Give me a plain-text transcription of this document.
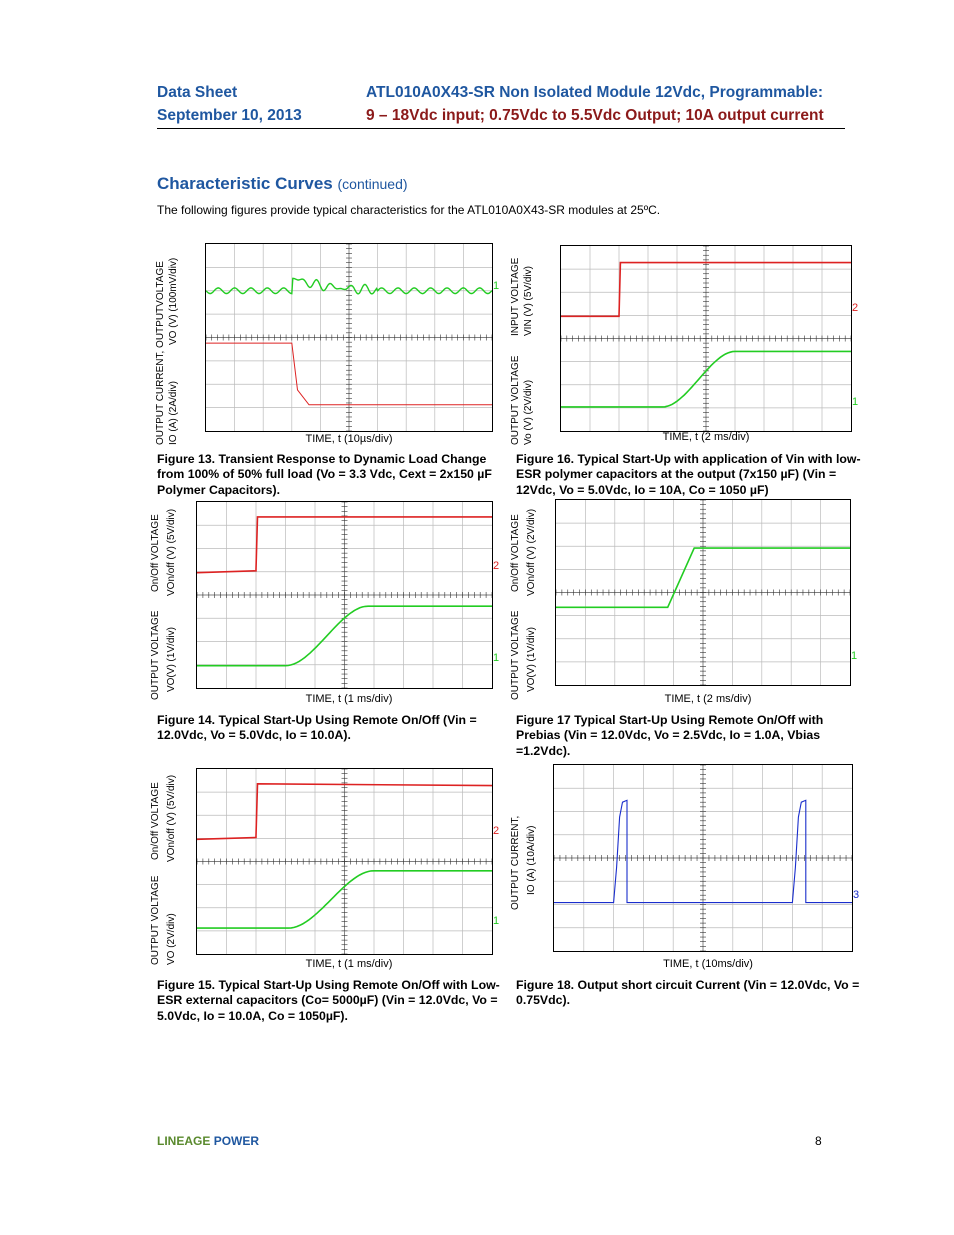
Data Sheet
September 10, 2013
ATL010A0X43-SR Non Isolated Module 12Vdc, Programmable:
9 – 18Vdc input; 0.75Vdc to 5.5Vdc Output; 10A output current
Characteristic Curves (continued)
The following figures provide typical characteristics for the ATL010A0X43-SR modules at 25ºC.
OUTPUT CURRENT, OUTPUTVOLTAGE VO (V) (100mV/div)
IO (A) (2A/div)	TIME, t (10µs/div)
Figure 13. Transient Response to Dynamic Load Change from 100% of 50% full load (Vo = 3.3 Vdc, Cext = 2x150 µF Polymer Capacitors).
INPUT VOLTAGE VIN (V) (5V/div)
OUTPUT VOLTAGE Vo (V) (2V/div)	TIME, t (2 ms/div)
Figure 16. Typical Start-Up with application of Vin with low-ESR polymer capacitors at the output (7x150 µF) (Vin = 12Vdc, Vo = 5.0Vdc, Io = 10A, Co = 1050 µF)
On/Off VOLTAGE VOn/off (V) (5V/div)
OUTPUT VOLTAGE VO(V) (1V/div)
TIME, t (1 ms/div)
Figure 14. Typical Start-Up Using Remote On/Off (Vin = 12.0Vdc, Vo = 5.0Vdc, Io = 10.0A).
On/Off VOLTAGE VOn/off (V) (2V/div)
OUTPUT VOLTAGE VO(V) (1V/div)
TIME, t (2 ms/div)
Figure 17 Typical Start-Up Using Remote On/Off with Prebias (Vin = 12.0Vdc, Vo = 2.5Vdc, Io = 1.0A, Vbias =1.2Vdc).
On/Off VOLTAGE VOn/off (V) (5V/div)
OUTPUT VOLTAGE VO (2V/div)	TIME, t (1 ms/div)
Figure 15. Typical Start-Up Using Remote On/Off with Low-ESR external capacitors (Co= 5000µF) (Vin = 12.0Vdc, Vo = 5.0Vdc, Io = 10.0A, Co = 1050µF).
OUTPUT CURRENT, IO (A) (10A/div)
TIME, t (10ms/div)
Figure 18. Output short circuit Current (Vin = 12.0Vdc, Vo = 0.75Vdc).
1
2
1
2
1	1
2
1
3
LINEAGE POWER	8
